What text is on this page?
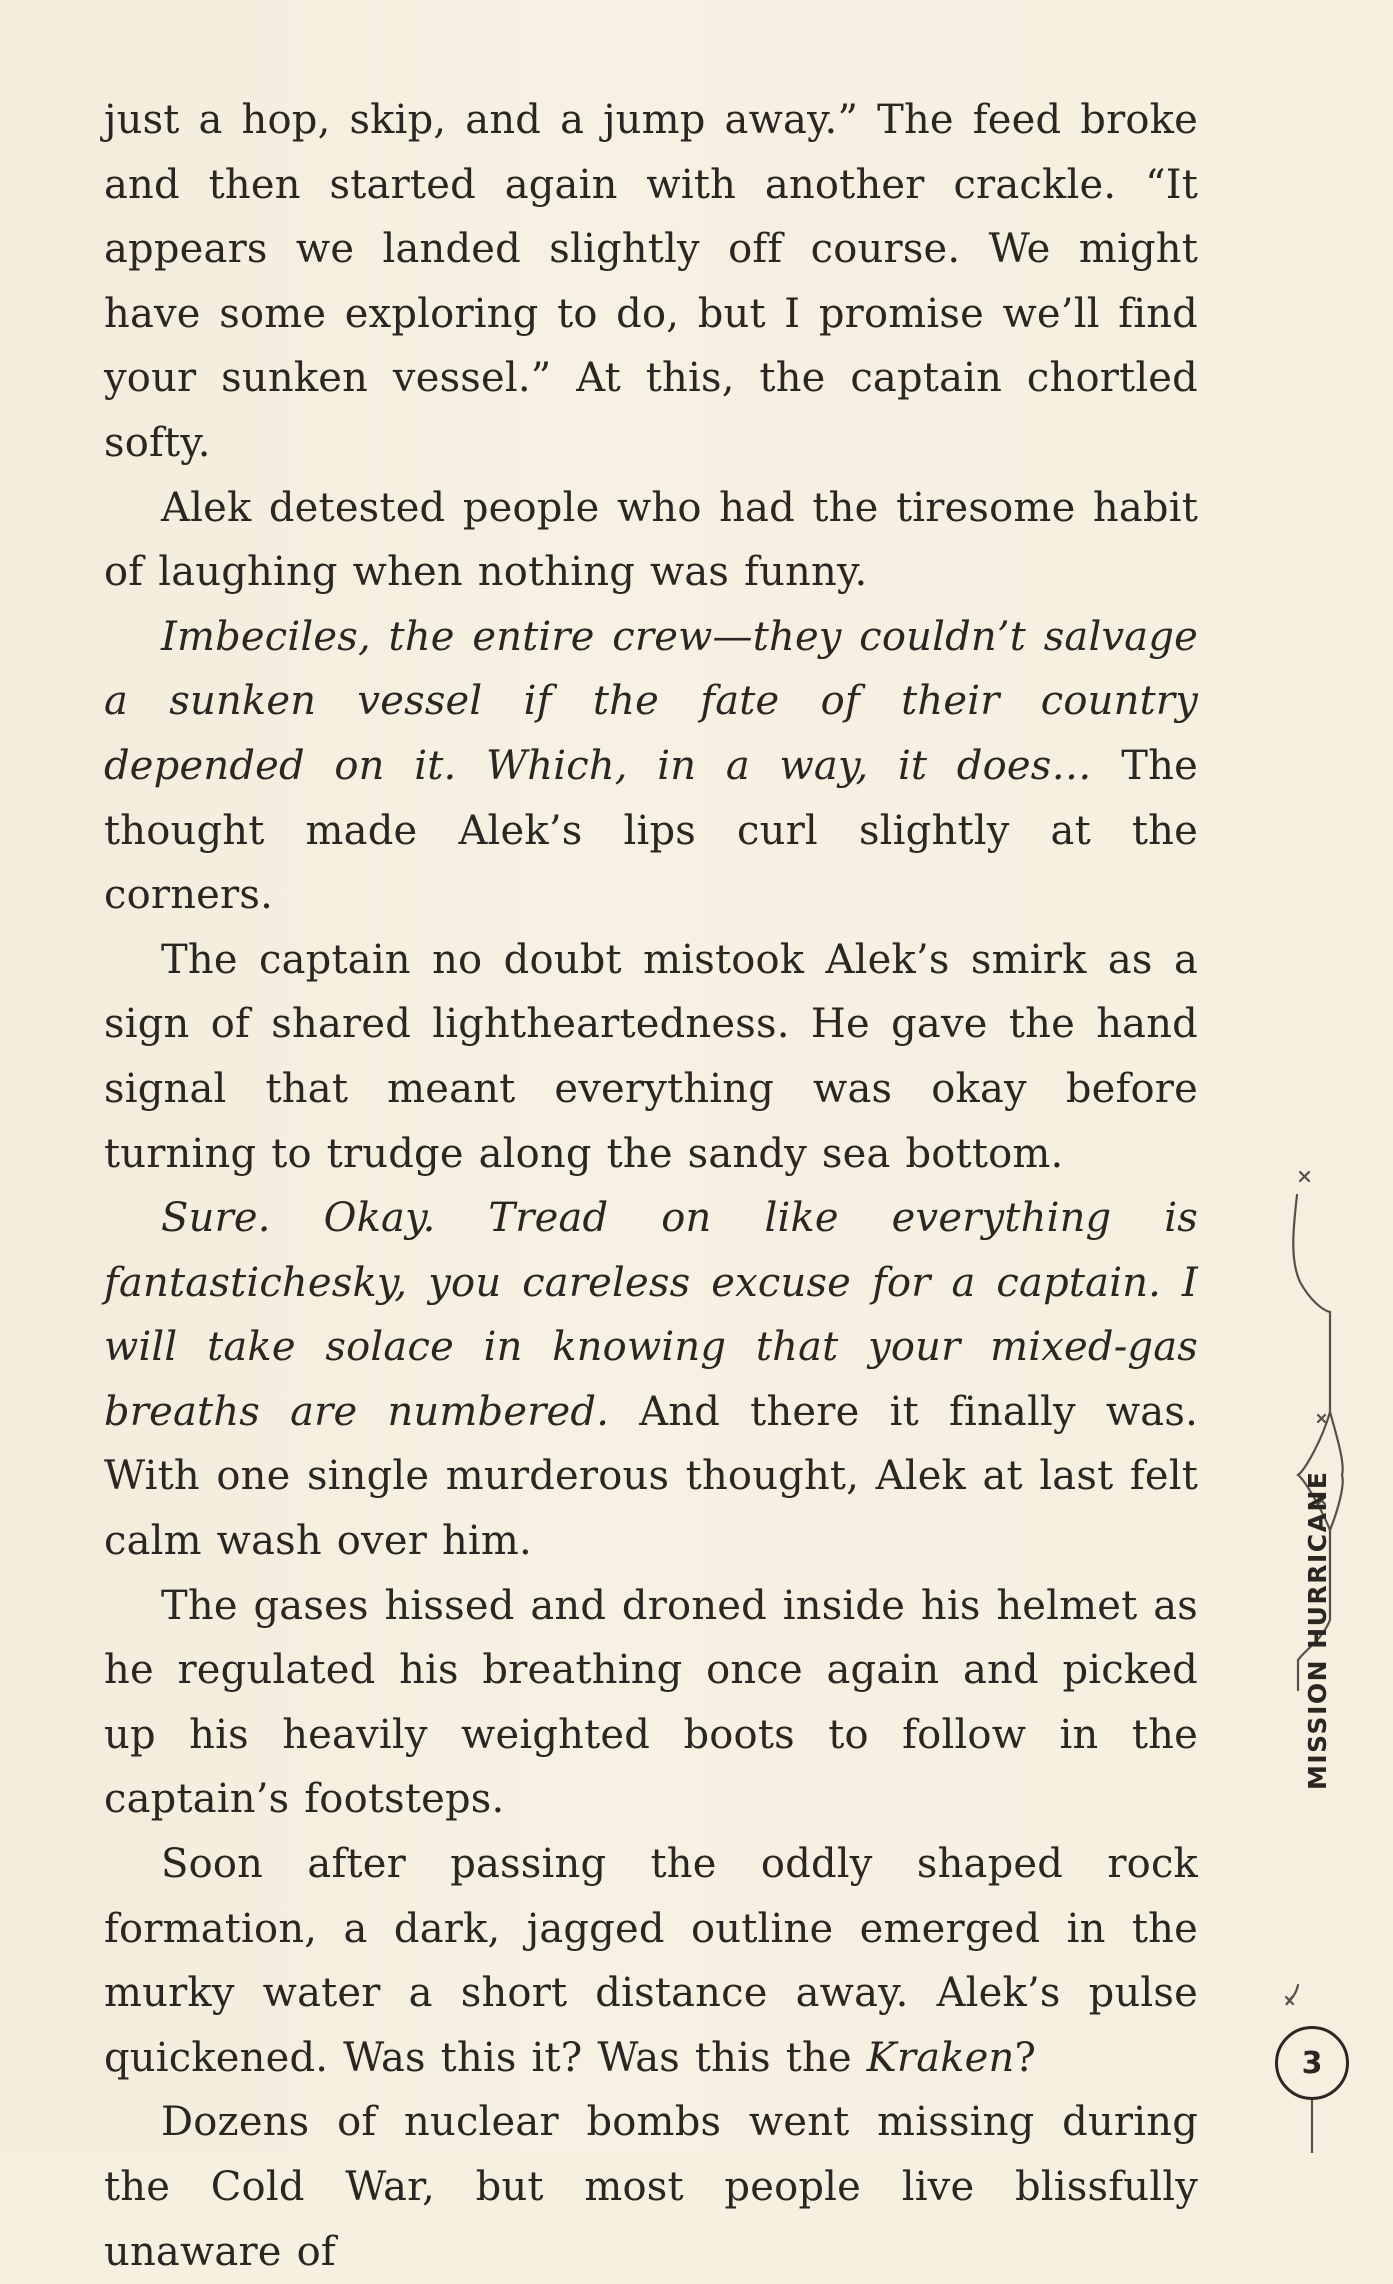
just a hop, skip, and a jump away.” The feed broke and then started again with another crackle. “It appears we landed slightly off course. We might have some exploring to do, but I promise we’ll find your sunken vessel.” At this, the captain chortled softy.

Alek detested people who had the tiresome habit of laughing when nothing was funny.

Imbeciles, the entire crew—they couldn’t salvage a sunken vessel if the fate of their country depended on it. Which, in a way, it does… The thought made Alek’s lips curl slightly at the corners.

The captain no doubt mistook Alek’s smirk as a sign of shared lightheartedness. He gave the hand signal that meant everything was okay before turning to trudge along the sandy sea bottom.

Sure. Okay. Tread on like everything is fantastichesky, you careless excuse for a captain. I will take solace in knowing that your mixed-gas breaths are numbered. And there it finally was. With one single murderous thought, Alek at last felt calm wash over him.

The gases hissed and droned inside his helmet as he regulated his breathing once again and picked up his heavily weighted boots to follow in the captain’s footsteps.

Soon after passing the oddly shaped rock formation, a dark, jagged outline emerged in the murky water a short distance away. Alek’s pulse quickened. Was this it? Was this the Kraken?

Dozens of nuclear bombs went missing during the Cold War, but most people live blissfully unaware of

MISSION HURRICANE
3
